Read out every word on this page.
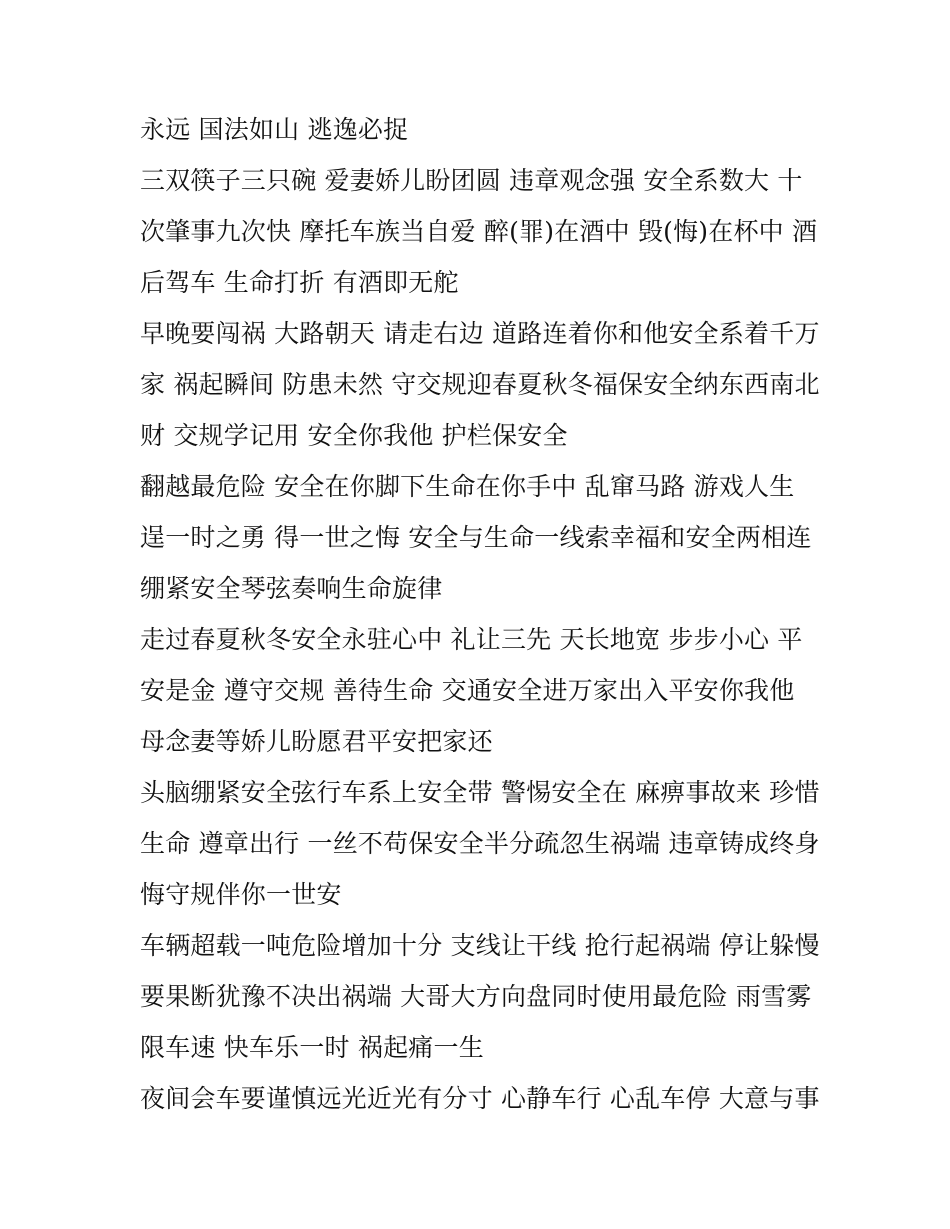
永远 国法如山 逃逸必捉
三双筷子三只碗 爱妻娇儿盼团圆 违章观念强 安全系数大 十
次肇事九次快 摩托车族当自爱 醉(罪)在酒中 毁(悔)在杯中 酒
后驾车 生命打折 有酒即无舵
早晚要闯祸 大路朝天 请走右边 道路连着你和他安全系着千万
家 祸起瞬间 防患未然 守交规迎春夏秋冬福保安全纳东西南北
财 交规学记用 安全你我他 护栏保安全
翻越最危险 安全在你脚下生命在你手中 乱窜马路 游戏人生
逞一时之勇 得一世之悔 安全与生命一线索幸福和安全两相连
绷紧安全琴弦奏响生命旋律
走过春夏秋冬安全永驻心中 礼让三先 天长地宽 步步小心 平
安是金 遵守交规 善待生命 交通安全进万家出入平安你我他
母念妻等娇儿盼愿君平安把家还
头脑绷紧安全弦行车系上安全带 警惕安全在 麻痹事故来 珍惜
生命 遵章出行 一丝不苟保安全半分疏忽生祸端 违章铸成终身
悔守规伴你一世安
车辆超载一吨危险增加十分 支线让干线 抢行起祸端 停让躲慢
要果断犹豫不决出祸端 大哥大方向盘同时使用最危险 雨雪雾
限车速 快车乐一时 祸起痛一生
夜间会车要谨慎远光近光有分寸 心静车行 心乱车停 大意与事
